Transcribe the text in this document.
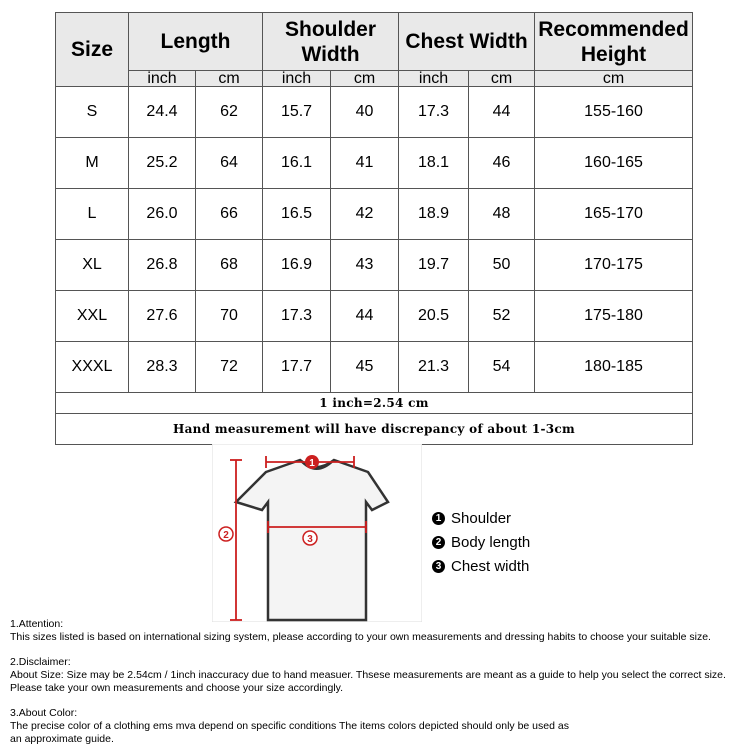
Size	Length		Shoulder Width		Chest Width		Recommended Height
	inch	cm	inch	cm	inch	cm	cm
S	24.4	62	15.7	40	17.3	44	155-160
M	25.2	64	16.1	41	18.1	46	160-165
L	26.0	66	16.5	42	18.9	48	165-170
XL	26.8	68	16.9	43	19.7	50	170-175
XXL	27.6	70	17.3	44	20.5	52	175-180
XXXL	28.3	72	17.7	45	21.3	54	180-185
1 inch=2.54 cm							
Hand measurement will have discrepancy of about 1-3cm							
1
2	3
1 Shoulder
2 Body length
3 Chest width

1.Attention:

This sizes listed is based on international sizing system, please according to your own measurements and dressing habits to choose your suitable size.

2.Disclaimer:

About Size: Size may be 2.54cm / 1inch inaccuracy due to hand measuer. Thsese measurements are meant as a guide to help you select the correct size.

Please take your own measurements and choose your size accordingly.

3.About Color:

The precise color of a clothing ems mva depend on specific conditions The items colors depicted should only be used as

an approximate guide.
